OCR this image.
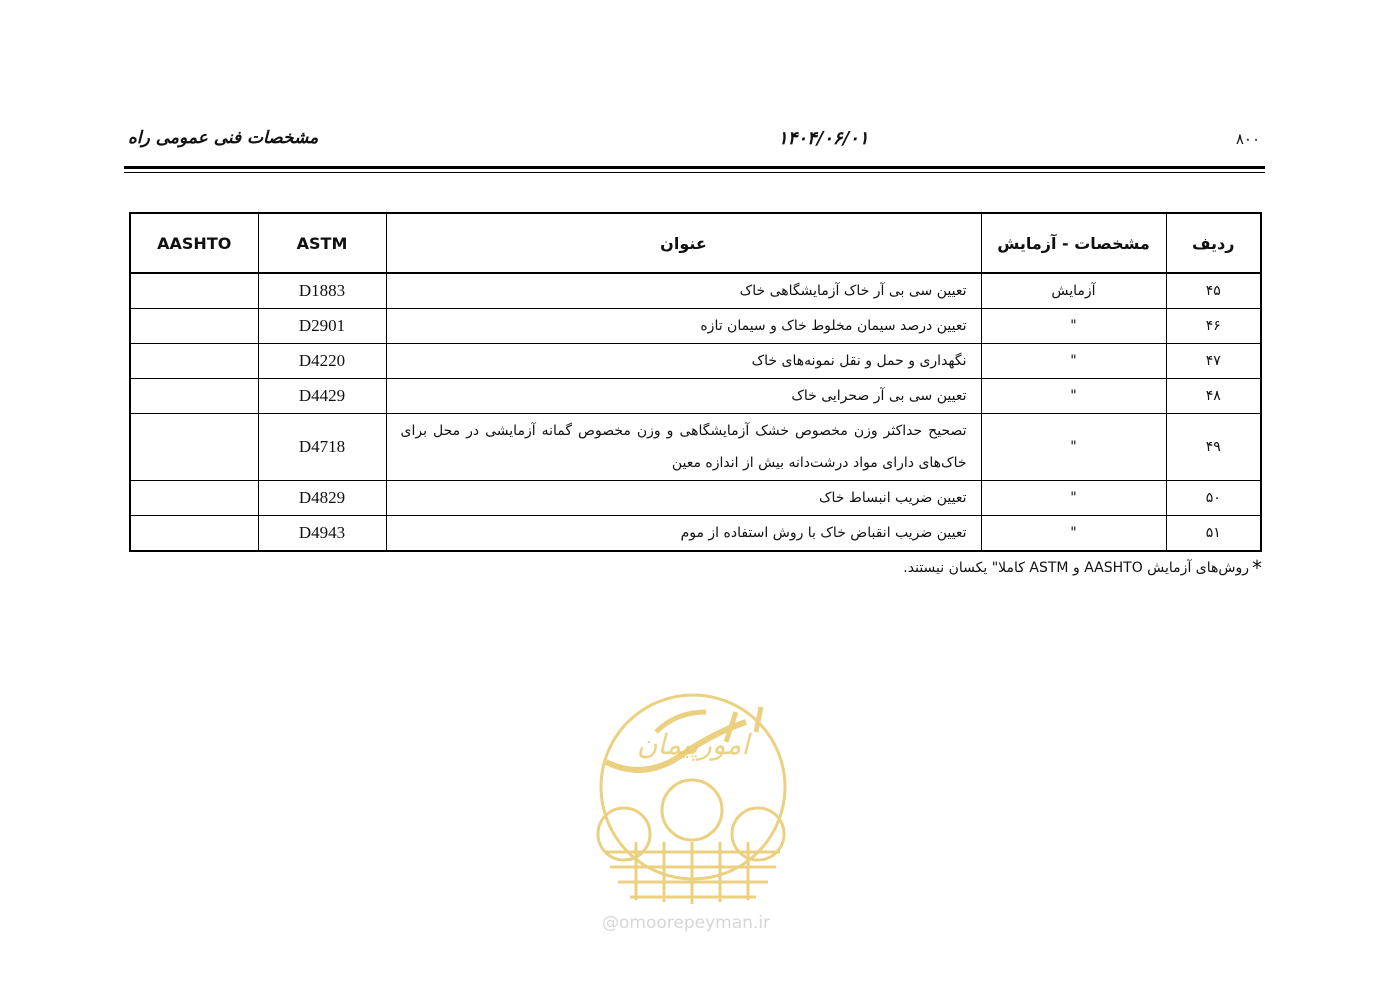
مشخصات فنی عمومی راه	۱۴۰۴/۰۶/۰۱	۸۰۰
ردیف	مشخصات - آزمایش	عنوان	ASTM	AASHTO
۴۵	آزمایش	تعیین سی بی آر خاک آزمایشگاهی خاک	D1883	
۴۶	"	تعیین درصد سیمان مخلوط خاک و سیمان تازه	D2901	
۴۷	"	نگهداری و حمل و نقل نمونه‌های خاک	D4220	
۴۸	"	تعیین سی بی آر صحرایی خاک	D4429	
۴۹	"	تصحیح حداکثر وزن مخصوص خشک آزمایشگاهی و وزن مخصوص گمانه آزمایشی در محل برای
خاک‌های دارای مواد درشت‌دانه بیش از اندازه معین	D4718	
۵۰	"	تعیین ضریب انبساط خاک	D4829	
۵۱	"	تعیین ضریب انقباض خاک با روش استفاده از موم	D4943	
*روش‌های آزمایش AASHTO و ASTM کاملا" یکسان نیستند.
امورپیمان
@omoorepeyman.ir
